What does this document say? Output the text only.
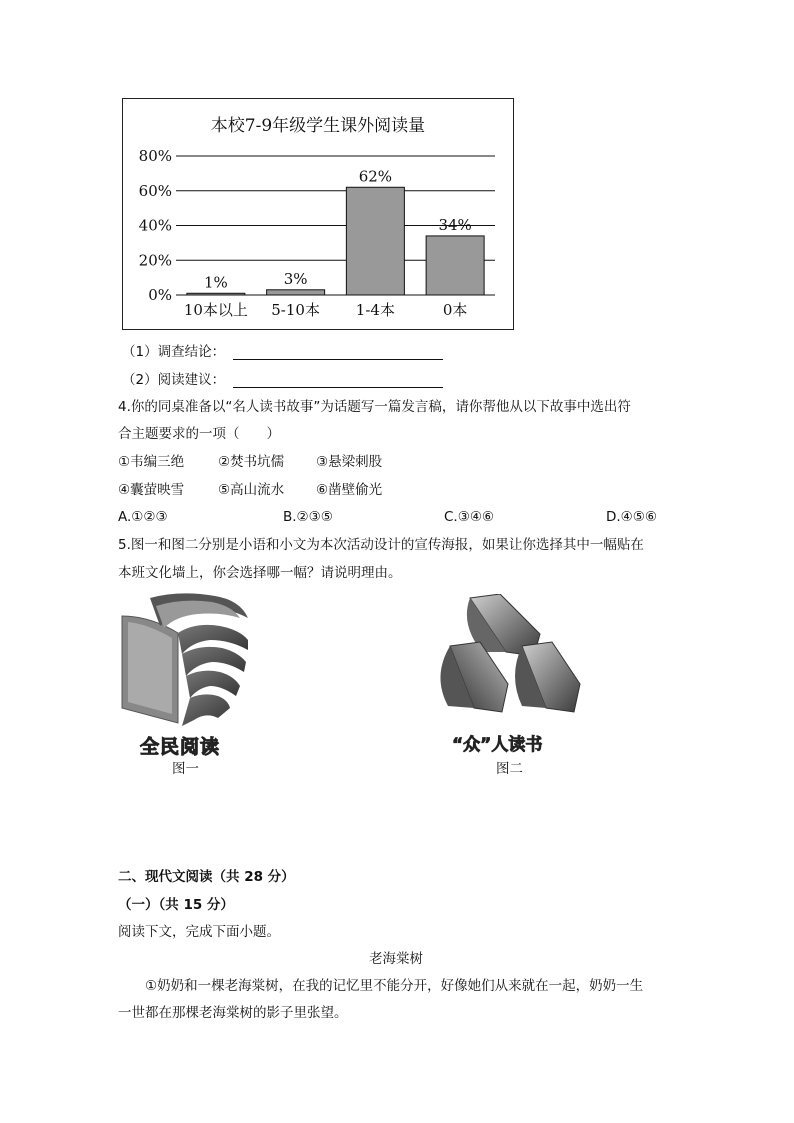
本校7-9年级学生课外阅读量
0%
20%
40%
60%
80%
1%	3%
62%
34%
10本以上 5-10本 1-4本	0本
（1）调查结论：
（2）阅读建议：
4.你的同桌准备以“名人读书故事”为话题写一篇发言稿，请你帮他从以下故事中选出符
合主题要求的一项（　　）
①韦编三绝	②焚书坑儒 ③悬梁刺股
④囊萤映雪	⑤高山流水 ⑥凿壁偷光
A.①②③	B.②③⑤	C.③④⑥	D.④⑤⑥
5.图一和图二分别是小语和小文为本次活动设计的宣传海报，如果让你选择其中一幅贴在
本班文化墙上，你会选择哪一幅？请说明理由。
全民阅读
图一
“众”人读书
图二
二、现代文阅读（共 28 分）
（一）（共 15 分）
阅读下文，完成下面小题。
老海棠树
①奶奶和一棵老海棠树，在我的记忆里不能分开，好像她们从来就在一起，奶奶一生
一世都在那棵老海棠树的影子里张望。
